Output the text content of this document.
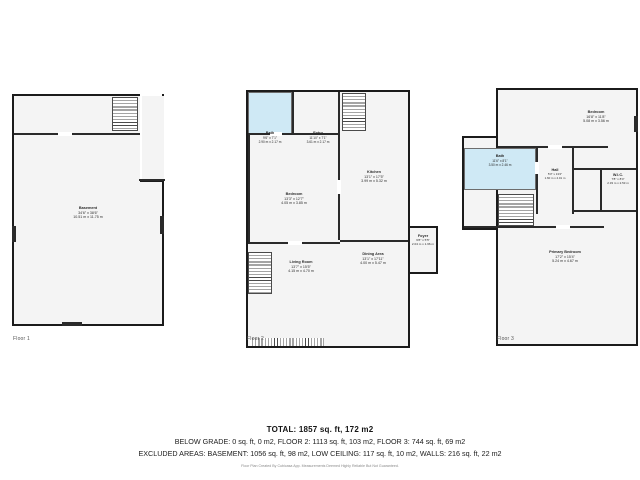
Basement
34'6" x 38'6"
10.51 m x 11.75 m
Floor 1
Bath
9'6" x 7'1"
2.90 m x 2.17 m
Entry
11'10" x 7'1"
3.61 m x 2.17 m
Bedroom
13'3" x 12'7"
4.05 m x 3.85 m
Kitchen
13'1" x 17'5"
3.99 m x 5.32 m
Foyer
6'8" x 5'5"
2.04 m x 1.66 m
Dining Area
13'1" x 17'11"
4.00 m x 5.47 m
Living Room
13'7" x 15'5"
4.15 m x 4.70 m
Floor 2
Bedroom
16'8" x 11'8"
5.08 m x 3.56 m
Bath
11'6" x 8'1"
3.50 m x 2.46 m
Hall
5'3" x 13'2"
1.60 m x 4.01 m
W.I.C.
7'8" x 8'4"
2.33 m x 2.53 m
Primary Bedroom
17'2" x 15'4"
5.24 m x 4.67 m
Floor 3
TOTAL: 1857 sq. ft, 172 m2
BELOW GRADE: 0 sq. ft, 0 m2, FLOOR 2: 1113 sq. ft, 103 m2, FLOOR 3: 744 sq. ft, 69 m2
EXCLUDED AREAS: BASEMENT: 1056 sq. ft, 98 m2, LOW CEILING: 117 sq. ft, 10 m2, WALLS: 216 sq. ft, 22 m2
Floor Plan Created By Cubicasa App. Measurements Deemed Highly Reliable But Not Guaranteed.
